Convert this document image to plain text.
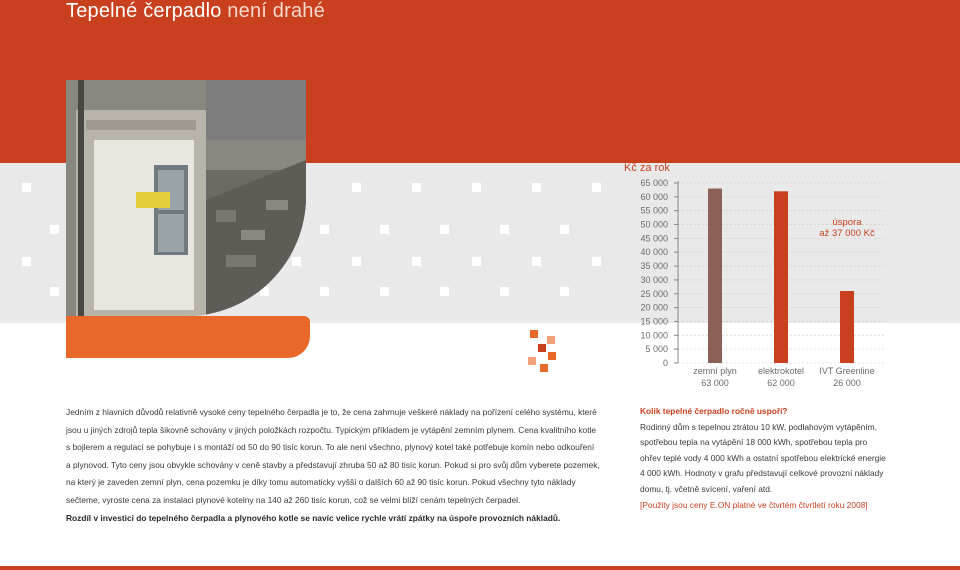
Tepelné čerpadlo není drahé
Kč za rok
0
5 000
10 000
15 000
20 000
25 000
30 000
35 000
40 000
45 000
50 000
55 000
60 000
65 000
zemní plyn
63 000
elektrokotel
62 000
IVT Greenline
26 000
úspora
až 37 000 Kč

Jedním z hlavních důvodů relativně vysoké ceny tepelného čerpadla je to, že cena zahrnuje veškeré náklady na pořízení celého systému, které jsou u jiných zdrojů tepla šikovně schovány v jiných položkách rozpočtu. Typickým příkladem je vytápění zemním plynem. Cena kvalitního kotle s bojlerem a regulací se pohybuje i s montáží od 50 do 90 tisíc korun. To ale není všechno, plynový kotel také potřebuje komín nebo odkouření a plynovod. Tyto ceny jsou obvykle schovány v ceně stavby a představují zhruba 50 až 80 tisíc korun. Pokud si pro svůj dům vyberete pozemek, na který je zaveden zemní plyn, cena pozemku je díky tomu automaticky vyšší o dalších 60 až 90 tisíc korun. Pokud všechny tyto náklady sečteme, vyroste cena za instalaci plynové kotelny na 140 až 260 tisíc korun, což se velmi blíží cenám tepelných čerpadel.

Rozdíl v investici do tepelného čerpadla a plynového kotle se navíc velice rychle vrátí zpátky na úspoře provozních nákladů.

Kolik tepelné čerpadlo ročně uspoří?

Rodinný dům s tepelnou ztrátou 10 kW, podlahovým vytápěním, spotřebou tepla na vytápění 18 000 kWh, spotřebou tepla pro ohřev teplé vody 4 000 kWh a ostatní spotřebou elektrické energie 4 000 kWh. Hodnoty v grafu představují celkové provozní náklady domu, tj. včetně svícení, vaření atd.

[Použity jsou ceny E.ON platné ve čtvrtém čtvrtletí roku 2008]
